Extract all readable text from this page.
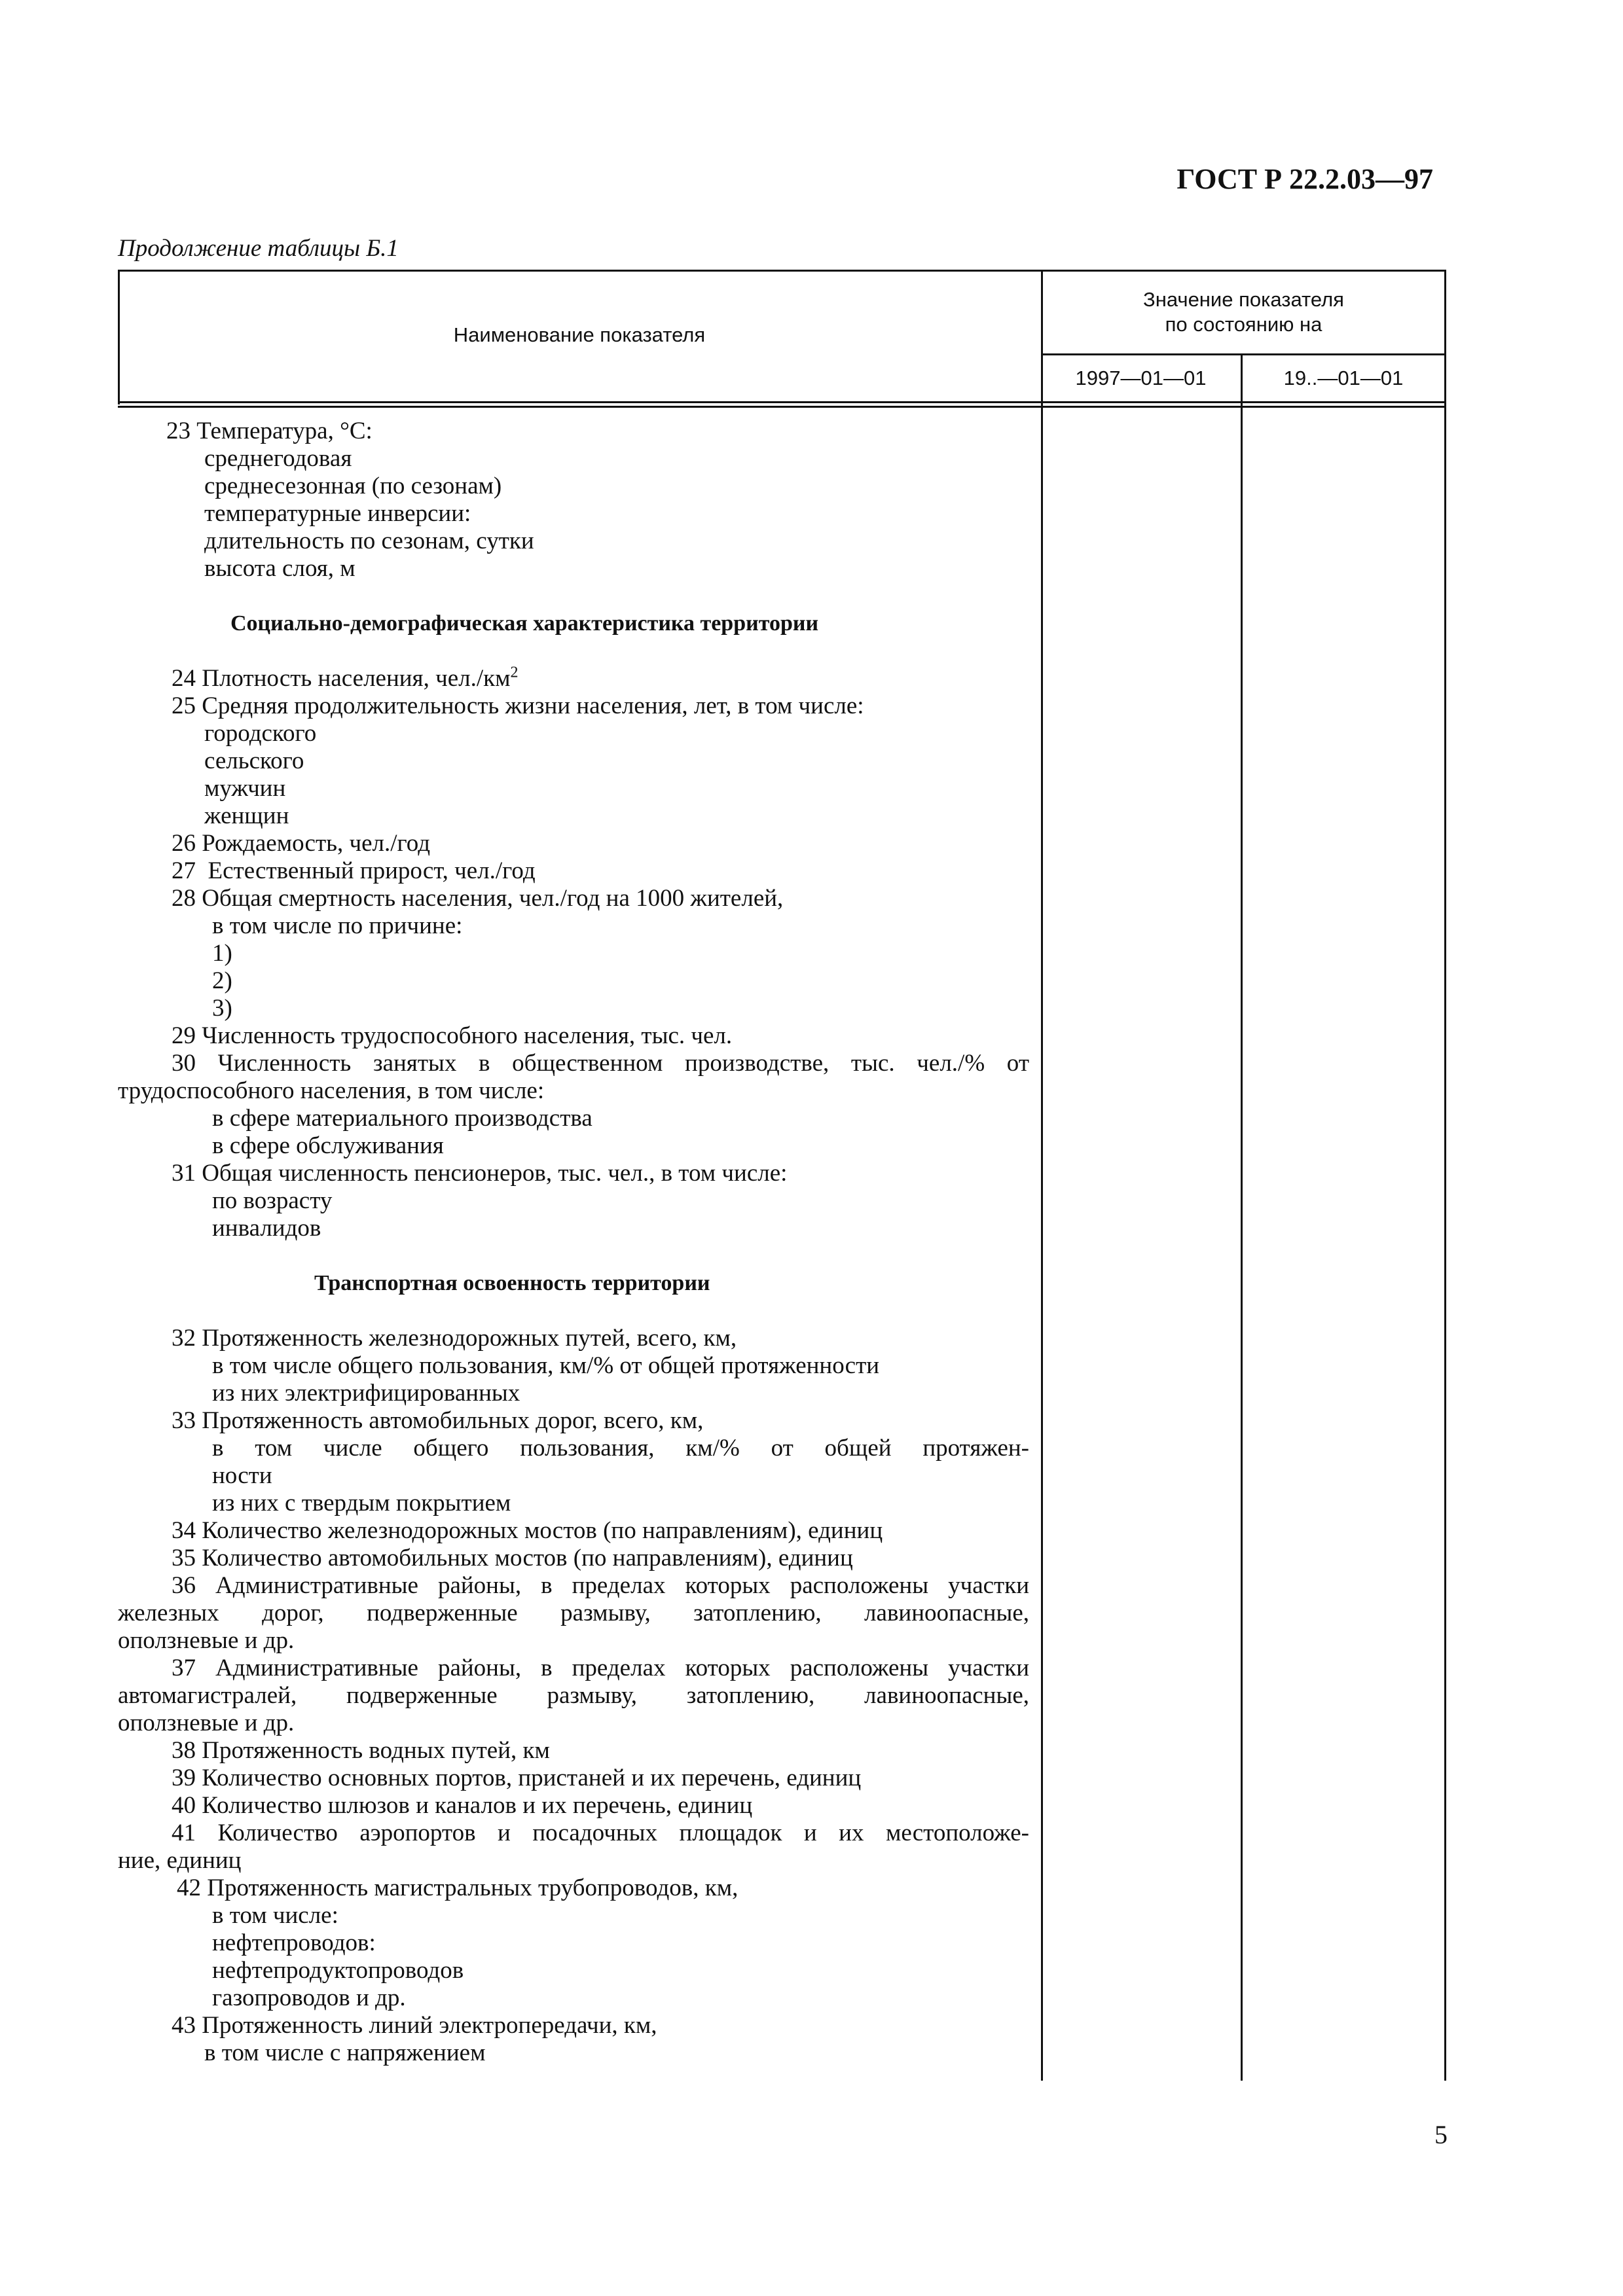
ГОСТ Р 22.2.03—97

Продолжение таблицы Б.1

Наименование показателя
Значение показателя
по состоянию на
1997—01—01	19..—01—01
23 Температура, °С:
среднегодовая
среднесезонная (по сезонам)
температурные инверсии:
длительность по сезонам, сутки
высота слоя, м
Социально-демографическая характеристика территории
24 Плотность населения, $чел./км^2$
25 Средняя продолжительность жизни населения, лет, в том числе:
городского
сельского
мужчин
женщин
26 Рождаемость, чел./год
27  Естественный прирост, чел./год
28 Общая смертность населения, чел./год на 1000 жителей,
в том числе по причине:
1)
2)
3)
29 Численность трудоспособного населения, тыс. чел.
30 Численность занятых в общественном производстве, тыс. чел./% от
трудоспособного населения, в том числе:
в сфере материального производства
в сфере обслуживания
31 Общая численность пенсионеров, тыс. чел., в том числе:
по возрасту
инвалидов
Транспортная освоенность территории
32 Протяженность железнодорожных путей, всего, км,
в том числе общего пользования, км/% от общей протяженности
из них электрифицированных
33 Протяженность автомобильных дорог, всего, км,
в том числе общего пользования, км/% от общей протяжен-
ности
из них с твердым покрытием
34 Количество железнодорожных мостов (по направлениям), единиц
35 Количество автомобильных мостов (по направлениям), единиц
36 Административные районы, в пределах которых расположены участки
железных дорог, подверженные размыву, затоплению, лавиноопасные,
оползневые и др.
37 Административные районы, в пределах которых расположены участки
автомагистралей, подверженные размыву, затоплению, лавиноопасные,
оползневые и др.
38 Протяженность водных путей, км
39 Количество основных портов, пристаней и их перечень, единиц
40 Количество шлюзов и каналов и их перечень, единиц
41 Количество аэропортов и посадочных площадок и их местоположе-
ние, единиц
42 Протяженность магистральных трубопроводов, км,
в том числе:
нефтепроводов:
нефтепродуктопроводов
газопроводов и др.
43 Протяженность линий электропередачи, км,
в том числе с напряжением

5
